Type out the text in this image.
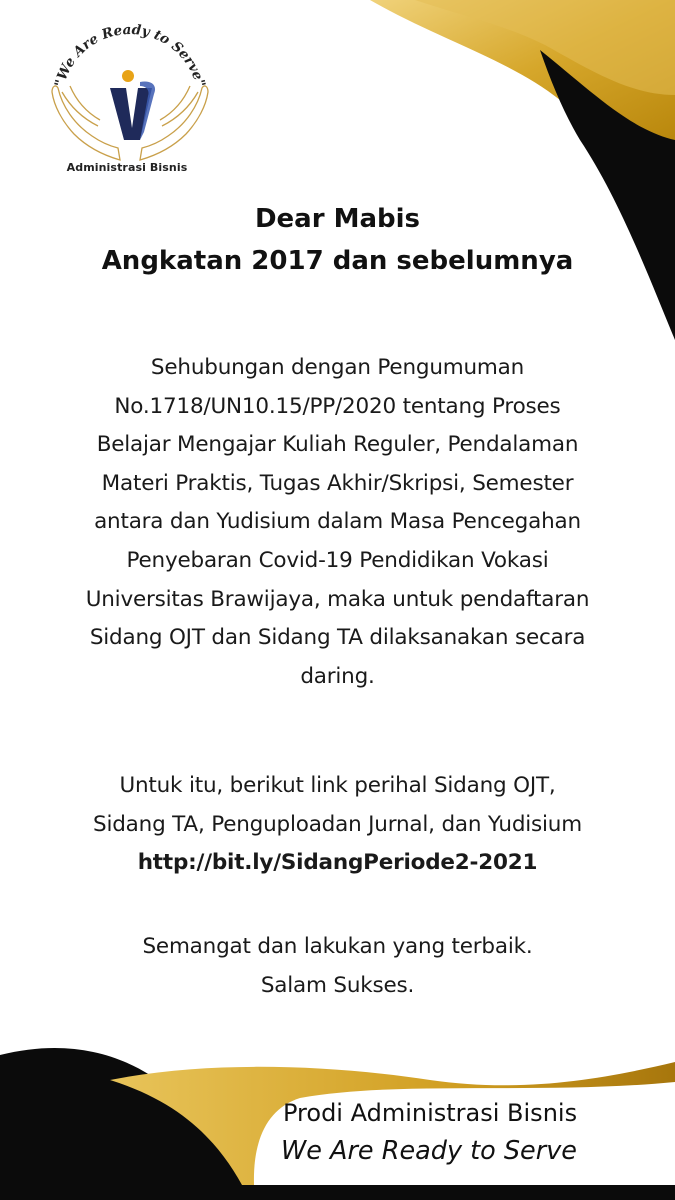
"We Are Ready to Serve"
Administrasi Bisnis
Dear Mabis
Angkatan 2017 dan sebelumnya
Sehubungan dengan Pengumuman
No.1718/UN10.15/PP/2020 tentang Proses
Belajar Mengajar Kuliah Reguler, Pendalaman
Materi Praktis, Tugas Akhir/Skripsi, Semester
antara dan Yudisium dalam Masa Pencegahan
Penyebaran Covid-19 Pendidikan Vokasi
Universitas Brawijaya, maka untuk pendaftaran
Sidang OJT dan Sidang TA dilaksanakan secara
daring.
Untuk itu, berikut link perihal Sidang OJT,
Sidang TA, Penguploadan Jurnal, dan Yudisium
http://bit.ly/SidangPeriode2-2021
Semangat dan lakukan yang terbaik.
Salam Sukses.
Prodi Administrasi Bisnis
We Are Ready to Serve
